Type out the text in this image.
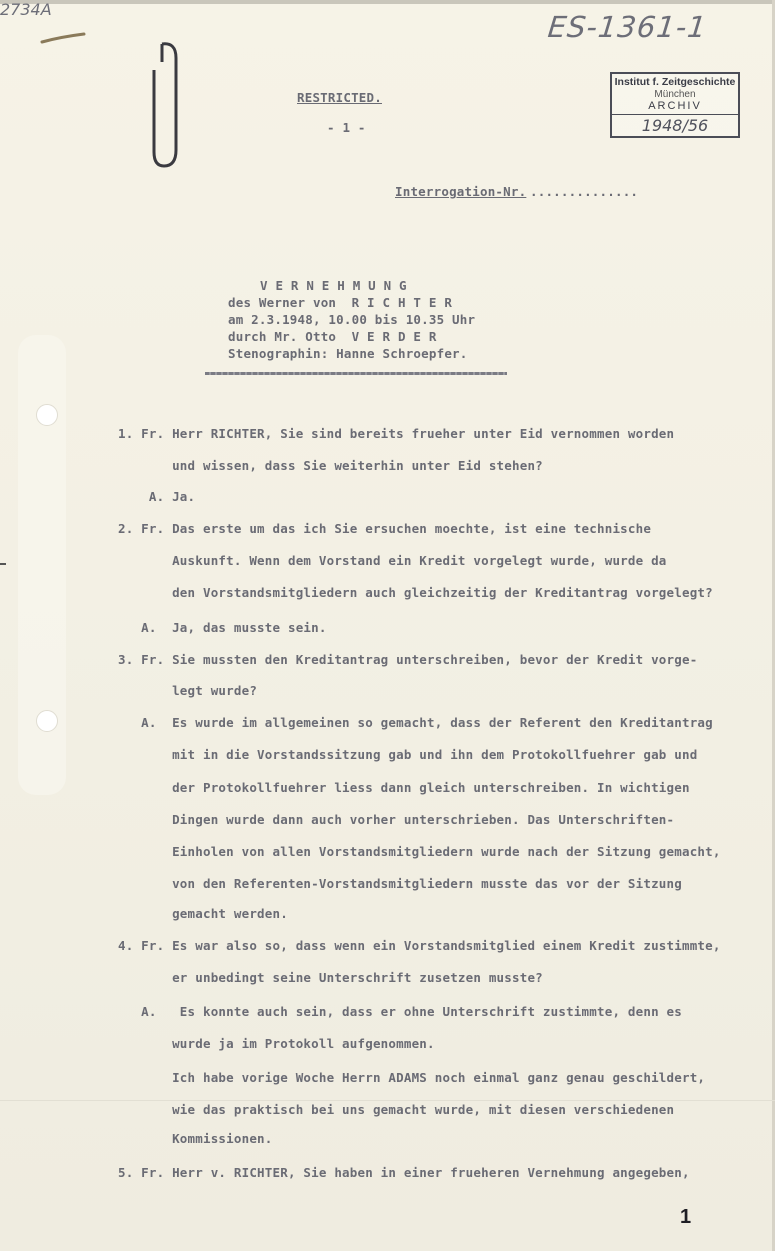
ES-1361-1
Institut f. Zeitgeschichte
München
ARCHIV
1948/56
RESTRICTED.
- 1 -
Interrogation-Nr. ..............
2734A
V E R N E H M U N G
des Werner von  R I C H T E R
am 2.3.1948, 10.00 bis 10.35 Uhr
durch Mr. Otto  V E R D E R
Stenographin: Hanne Schroepfer.
1. Fr. Herr RICHTER, Sie sind bereits frueher unter Eid vernommen worden
und wissen, dass Sie weiterhin unter Eid stehen?
A. Ja.
2. Fr. Das erste um das ich Sie ersuchen moechte, ist eine technische
Auskunft. Wenn dem Vorstand ein Kredit vorgelegt wurde, wurde da
den Vorstandsmitgliedern auch gleichzeitig der Kreditantrag vorgelegt?
A.  Ja, das musste sein.
3. Fr. Sie mussten den Kreditantrag unterschreiben, bevor der Kredit vorge-
legt wurde?
A.  Es wurde im allgemeinen so gemacht, dass der Referent den Kreditantrag
mit in die Vorstandssitzung gab und ihn dem Protokollfuehrer gab und
der Protokollfuehrer liess dann gleich unterschreiben. In wichtigen
Dingen wurde dann auch vorher unterschrieben. Das Unterschriften-
Einholen von allen Vorstandsmitgliedern wurde nach der Sitzung gemacht,
von den Referenten-Vorstandsmitgliedern musste das vor der Sitzung
gemacht werden.
4. Fr. Es war also so, dass wenn ein Vorstandsmitglied einem Kredit zustimmte,
er unbedingt seine Unterschrift zusetzen musste?
A.   Es konnte auch sein, dass er ohne Unterschrift zustimmte, denn es
wurde ja im Protokoll aufgenommen.
Ich habe vorige Woche Herrn ADAMS noch einmal ganz genau geschildert,
wie das praktisch bei uns gemacht wurde, mit diesen verschiedenen
Kommissionen.
5. Fr. Herr v. RICHTER, Sie haben in einer frueheren Vernehmung angegeben,
1
